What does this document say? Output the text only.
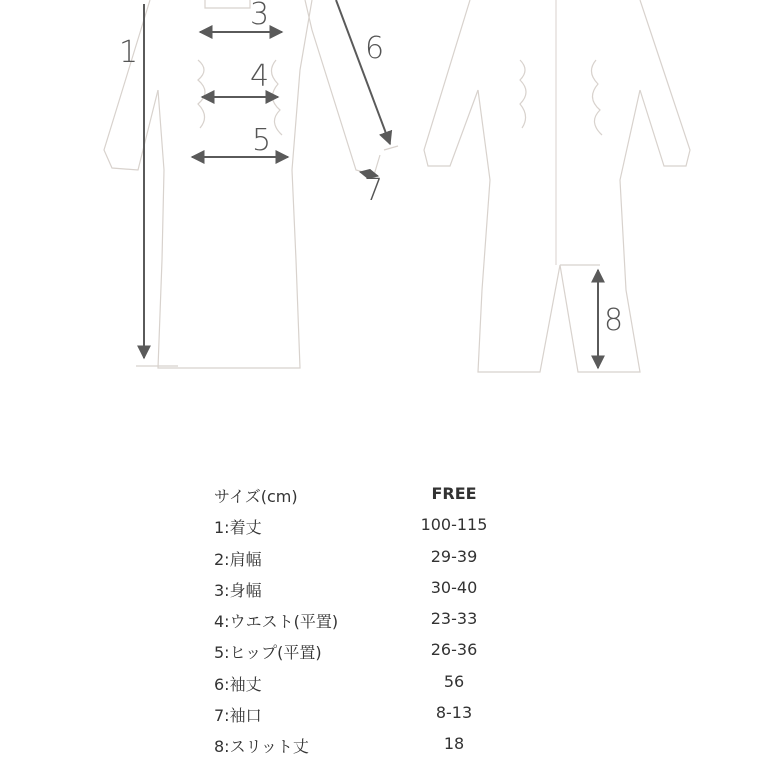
1
3
4
5
6
7
8
サイズ(cm)	FREE
1:着丈	100-115
2:肩幅	29-39
3:身幅	30-40
4:ウエスト(平置)	23-33
5:ヒップ(平置)	26-36
6:袖丈	56
7:袖口	8-13
8:スリット丈	18
